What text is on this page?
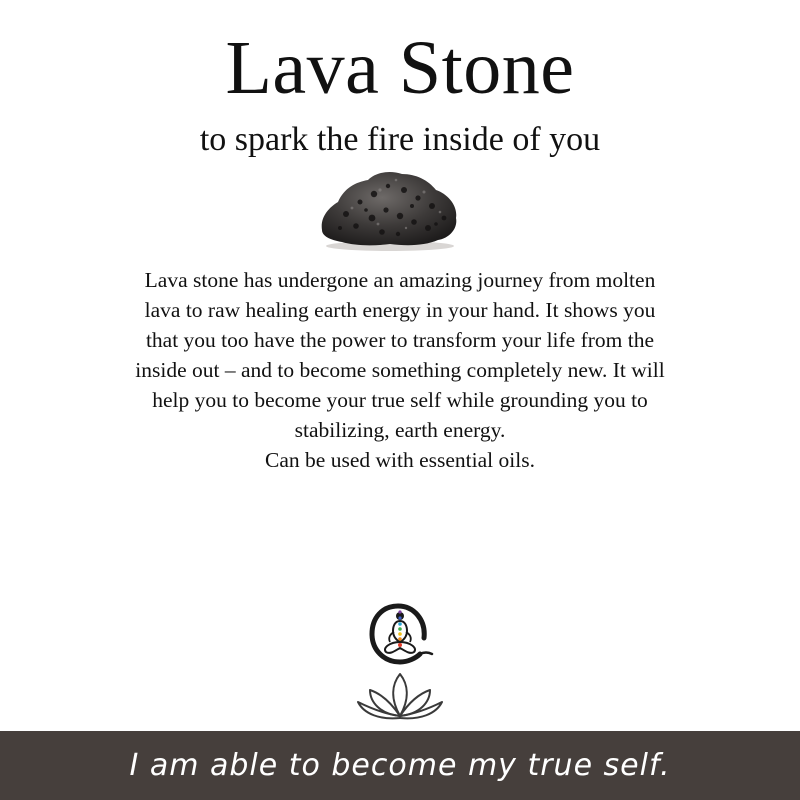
Lava Stone
to spark the fire inside of you

Lava stone has undergone an amazing journey from molten

lava to raw healing earth energy in your hand. It shows you

that you too have the power to transform your life from the

inside out – and to become something completely new. It will

help you to become your true self while grounding you to

stabilizing, earth energy.

Can be used with essential oils.

I am able to become my true self.
